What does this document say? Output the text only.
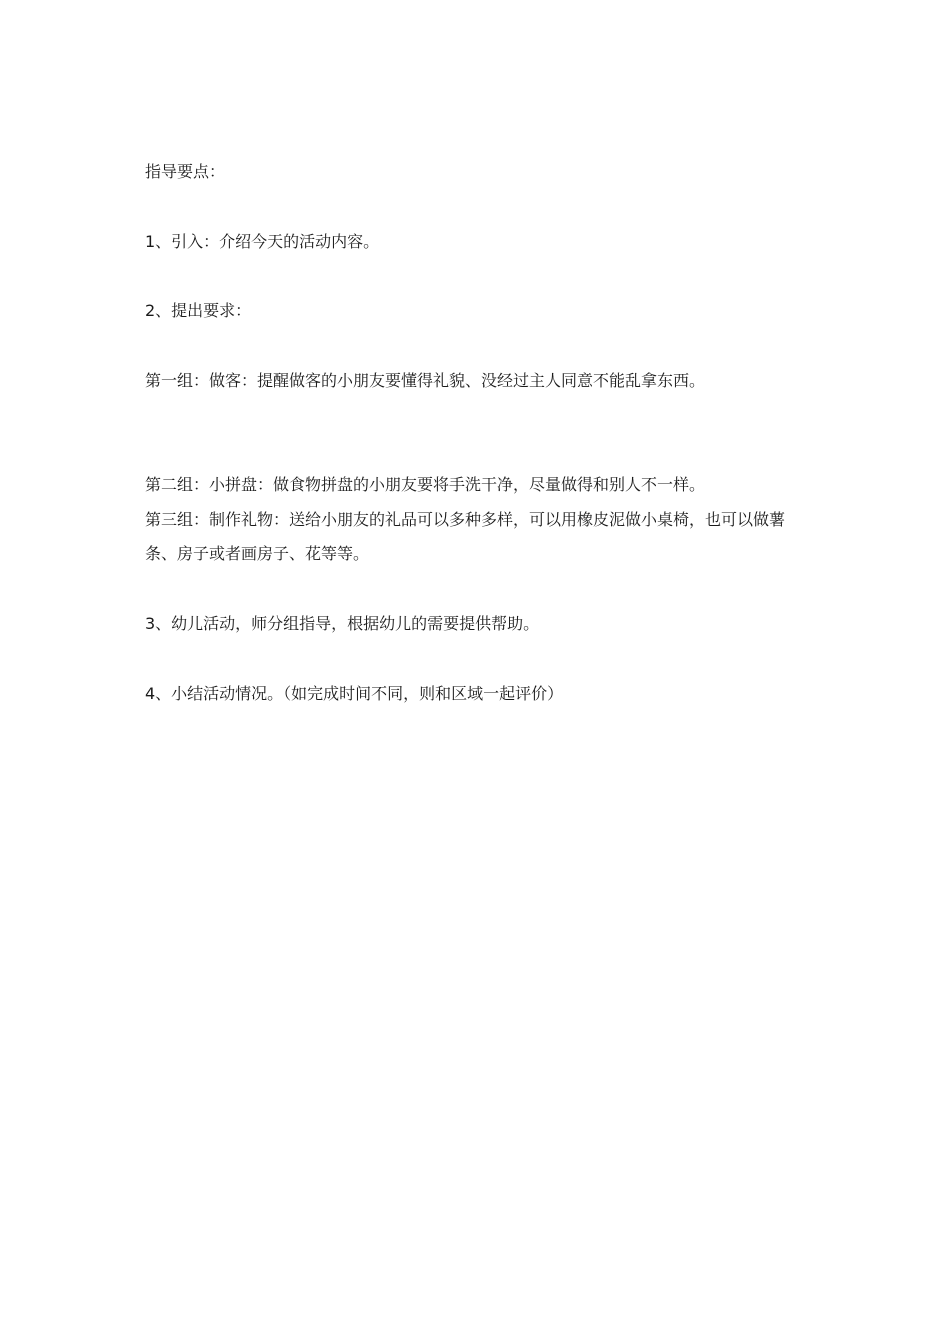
指导要点：
1、引入：介绍今天的活动内容。
2、提出要求：
第一组：做客：提醒做客的小朋友要懂得礼貌、没经过主人同意不能乱拿东西。
第二组：小拼盘：做食物拼盘的小朋友要将手洗干净，尽量做得和别人不一样。
第三组：制作礼物：送给小朋友的礼品可以多种多样，可以用橡皮泥做小桌椅，也可以做薯条、房子或者画房子、花等等。
3、幼儿活动，师分组指导，根据幼儿的需要提供帮助。
4、小结活动情况。（如完成时间不同，则和区域一起评价）
